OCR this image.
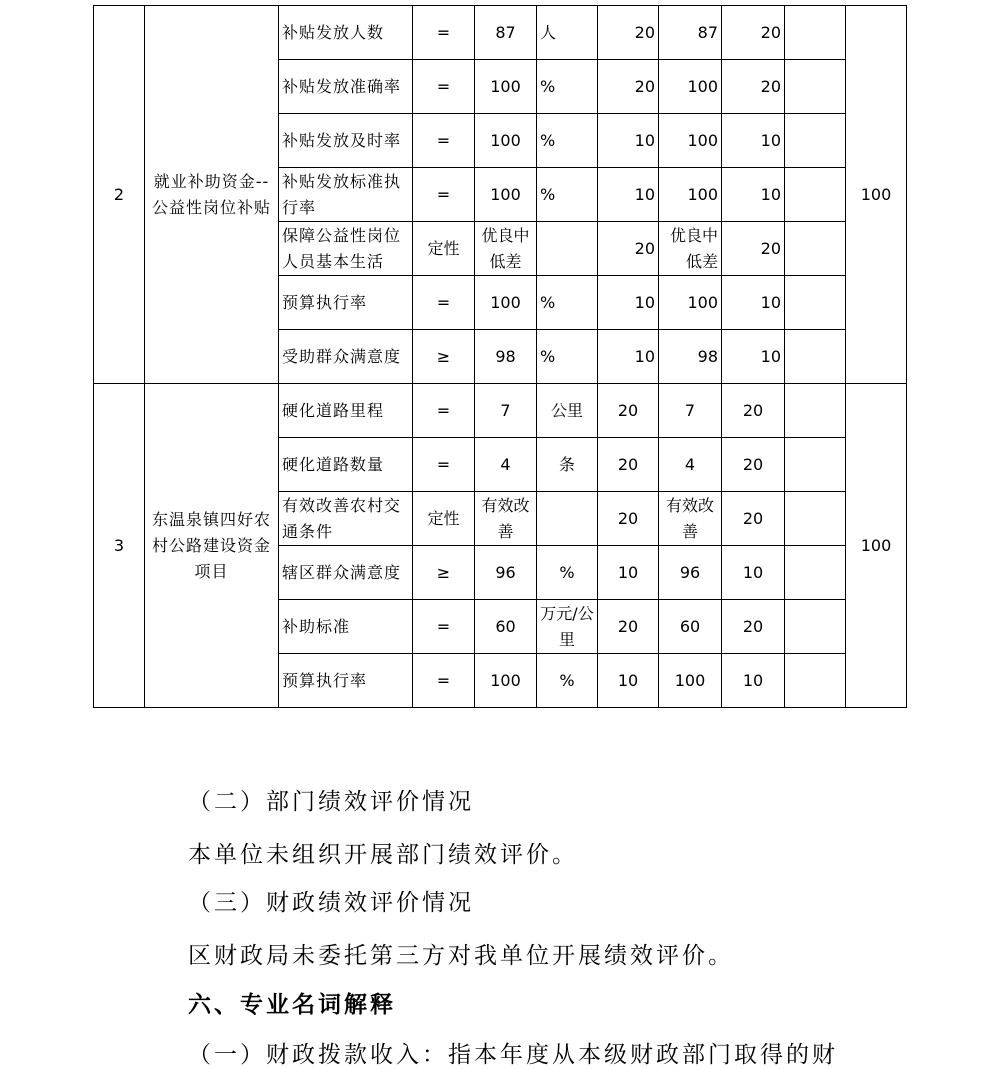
2	就业补助资金--公益性岗位补贴	补贴发放人数	=	87	人	20	87	20		100
		补贴发放准确率	=	100	%	20	100	20		
		补贴发放及时率	=	100	%	10	100	10		
		补贴发放标准执行率	=	100	%	10	100	10		
		保障公益性岗位人员基本生活	定性	优良中低差		20	优良中低差	20		
		预算执行率	=	100	%	10	100	10		
		受助群众满意度	≥	98	%	10	98	10		
3	东温泉镇四好农村公路建设资金项目	硬化道路里程	=	7	公里	20	7	20		100
		硬化道路数量	=	4	条	20	4	20		
		有效改善农村交通条件	定性	有效改善		20	有效改善	20		
		辖区群众满意度	≥	96	%	10	96	10		
		补助标准	=	60	万元/公里	20	60	20		
		预算执行率	=	100	%	10	100	10		
（二）部门绩效评价情况
本单位未组织开展部门绩效评价。
（三）财政绩效评价情况
区财政局未委托第三方对我单位开展绩效评价。
六、专业名词解释
（一）财政拨款收入：指本年度从本级财政部门取得的财
